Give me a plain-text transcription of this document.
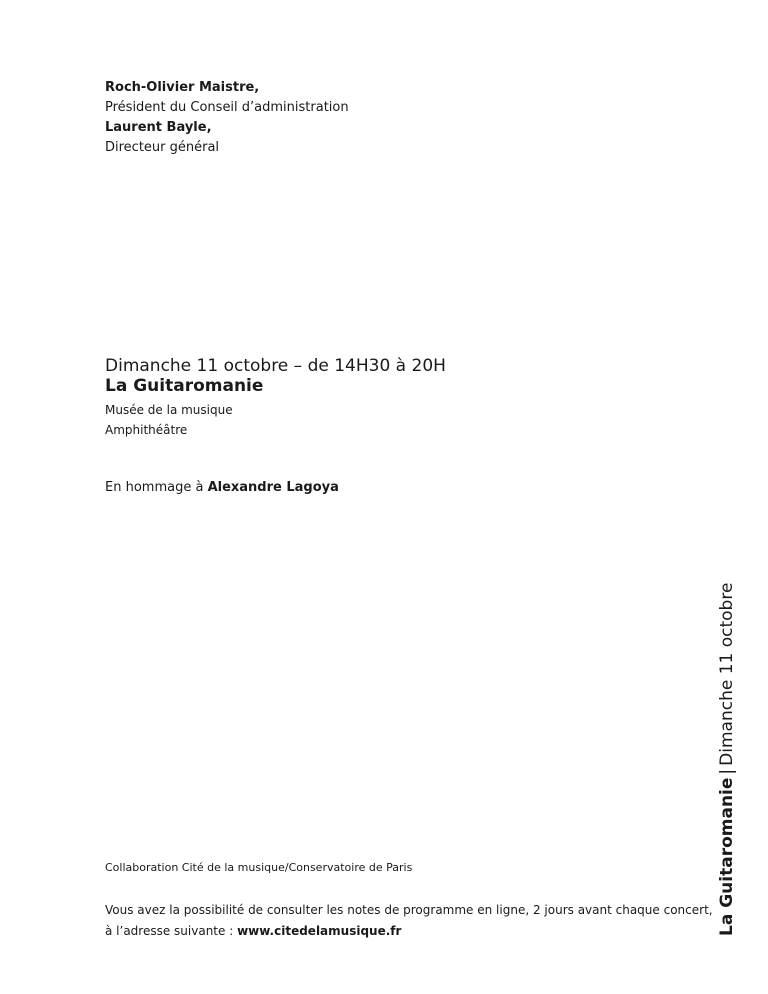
Roch-Olivier Maistre,
Président du Conseil d’administration
Laurent Bayle,
Directeur général
Dimanche 11 octobre – de 14H30 à 20H
La Guitaromanie
Musée de la musique
Amphithéâtre
En hommage à Alexandre Lagoya
Collaboration Cité de la musique/Conservatoire de Paris
Vous avez la possibilité de consulter les notes de programme en ligne, 2 jours avant chaque concert,
à l’adresse suivante : www.citedelamusique.fr	La Guitaromanie|Dimanche 11 octobre
